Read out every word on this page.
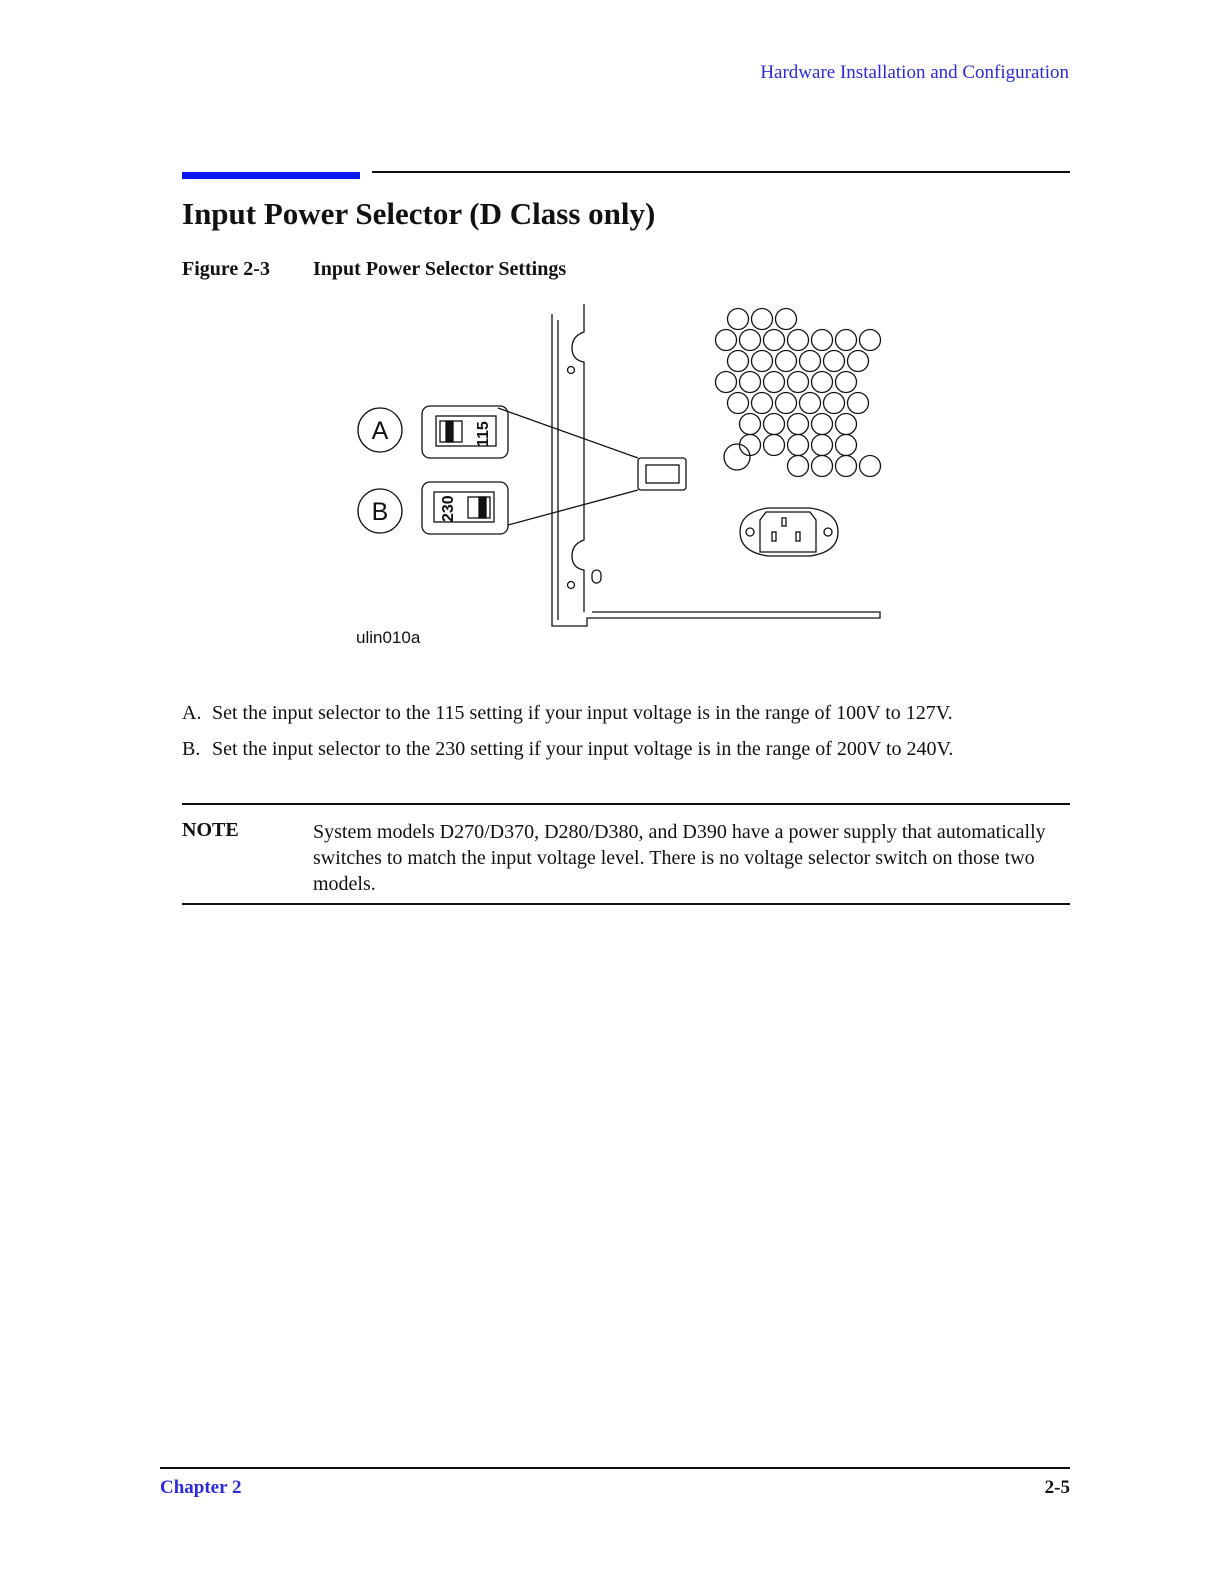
Hardware Installation and Configuration
Input Power Selector (D Class only)
Figure 2-3 Input Power Selector Settings
A
B
115
230
ulin010a

A. Set the input selector to the 115 setting if your input voltage is in the range of 100V to 127V.

B. Set the input selector to the 230 setting if your input voltage is in the range of 200V to 240V.

NOTE	System models D270/D370, D280/D380, and D390 have a power supply that automatically switches to match the input voltage level. There is no voltage selector switch on those two models.
Chapter 2	2-5
